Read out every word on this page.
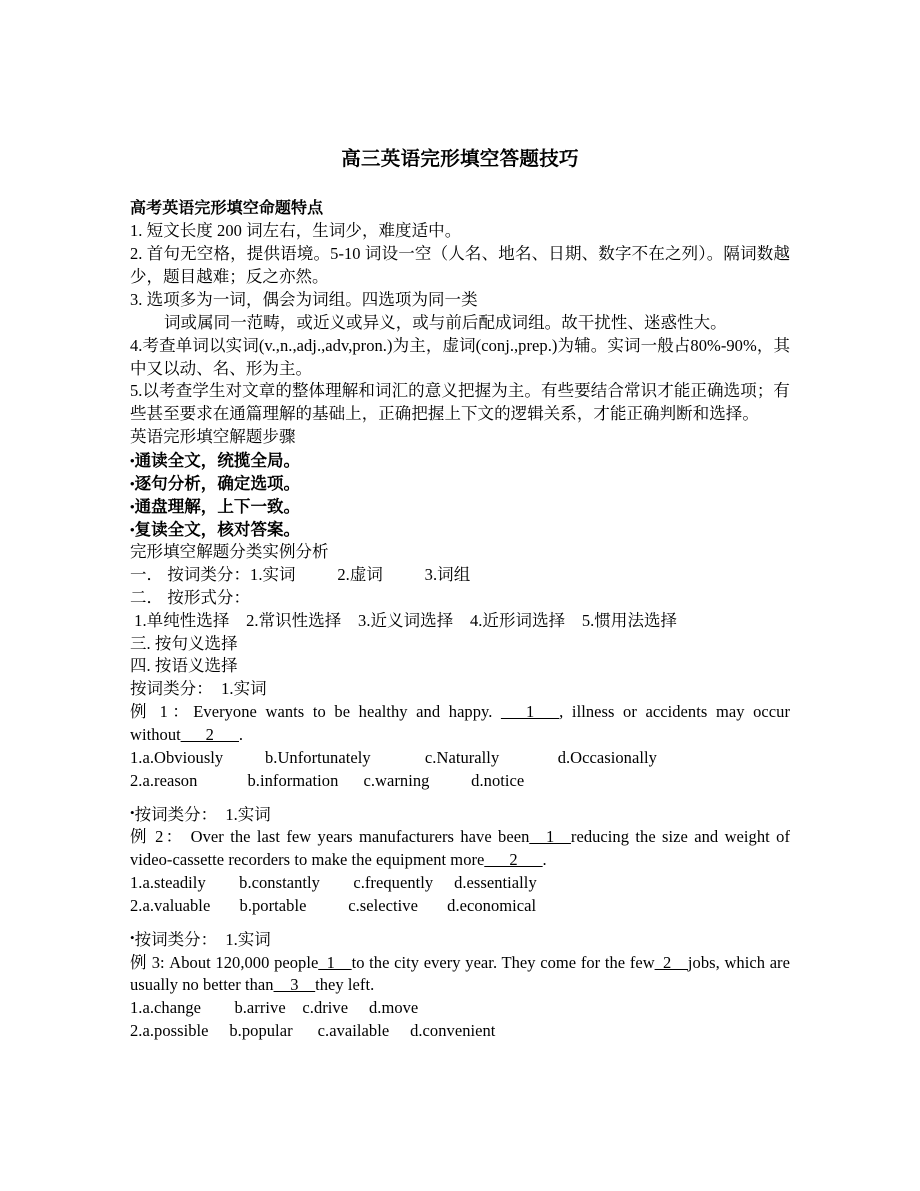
高三英语完形填空答题技巧

高考英语完形填空命题特点

1. 短文长度 200 词左右，生词少，难度适中。

2. 首句无空格，提供语境。5-10 词设一空（人名、地名、日期、数字不在之列）。隔词数越少，题目越难；反之亦然。

3. 选项多为一词，偶会为词组。四选项为同一类

词或属同一范畴，或近义或异义，或与前后配成词组。故干扰性、迷惑性大。

4.考查单词以实词(v.,n.,adj.,adv,pron.)为主，虚词(conj.,prep.)为辅。实词一般占80%-90%，其中又以动、名、形为主。

5.以考查学生对文章的整体理解和词汇的意义把握为主。有些要结合常识才能正确选项；有些甚至要求在通篇理解的基础上，正确把握上下文的逻辑关系，才能正确判断和选择。

英语完形填空解题步骤

•通读全文，统揽全局。

•逐句分析，确定选项。

•通盘理解，上下一致。

•复读全文，核对答案。

完形填空解题分类实例分析

一． 按词类分：1.实词          2.虚词          3.词组

二． 按形式分：

1.单纯性选择    2.常识性选择    3.近义词选择    4.近形词选择    5.惯用法选择

三. 按句义选择

四. 按语义选择

按词类分：  1.实词

例 1：Everyone wants to be healthy and happy. ___1___, illness or accidents may occur without___2___.

1.a.Obviously          b.Unfortunately             c.Naturally              d.Occasionally

2.a.reason            b.information      c.warning          d.notice

•按词类分：  1.实词

例 2： Over the last few years manufacturers have been__1__reducing the size and weight of video-cassette recorders to make the equipment more___2___.

1.a.steadily        b.constantly        c.frequently     d.essentially

2.a.valuable       b.portable          c.selective       d.economical

•按词类分：  1.实词

例 3: About 120,000 people_1__to the city every year. They come for the few_2__jobs, which are usually no better than__3__they left.

1.a.change        b.arrive    c.drive     d.move

2.a.possible     b.popular      c.available     d.convenient
